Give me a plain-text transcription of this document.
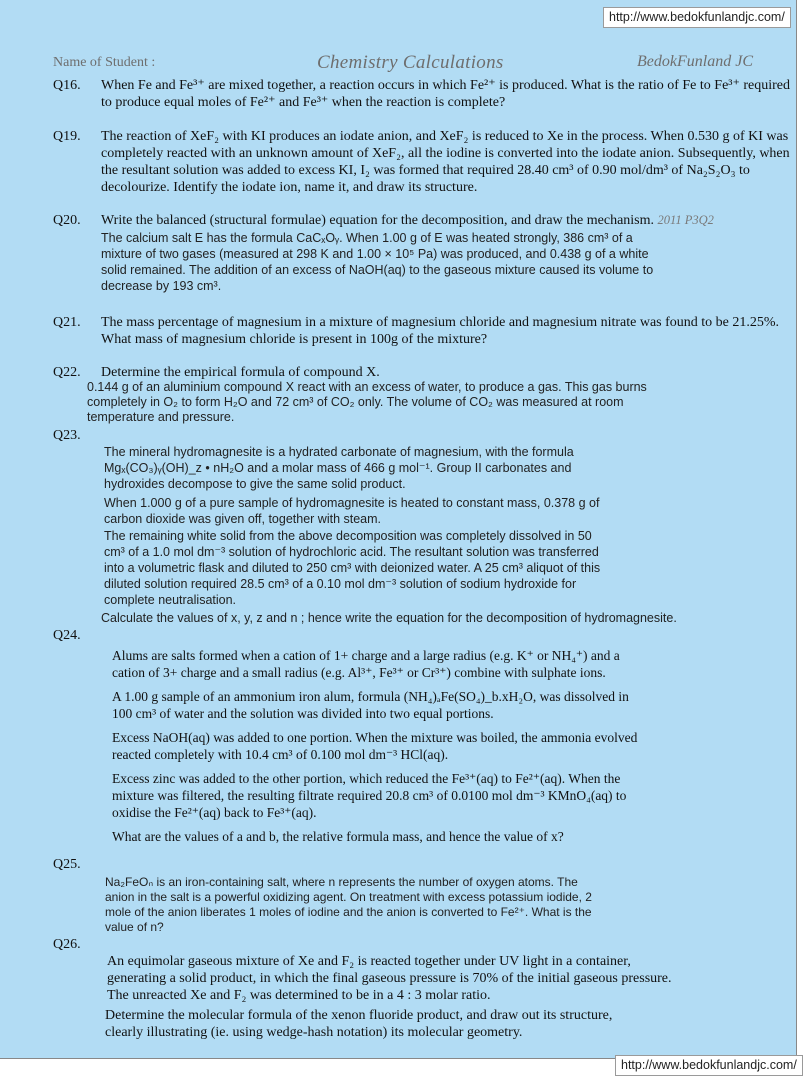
Name of Student :	Chemistry Calculations	BedokFunland JC
Q16. When Fe and Fe³⁺ are mixed together, a reaction occurs in which Fe²⁺ is produced. What is the ratio of Fe to Fe³⁺ required to produce equal moles of Fe²⁺ and Fe³⁺ when the reaction is complete?
Q19. The reaction of XeF₂ with KI produces an iodate anion, and XeF₂ is reduced to Xe in the process. When 0.530 g of KI was completely reacted with an unknown amount of XeF₂, all the iodine is converted into the iodate anion. Subsequently, when the resultant solution was added to excess KI, I₂ was formed that required 28.40 cm³ of 0.90 mol/dm³ of Na₂S₂O₃ to decolourize. Identify the iodate ion, name it, and draw its structure.
Q20. Write the balanced (structural formulae) equation for the decomposition, and draw the mechanism. 2011 P3Q2
The calcium salt E has the formula CaCₓOᵧ. When 1.00 g of E was heated strongly, 386 cm³ of a mixture of two gases (measured at 298 K and 1.00 × 10⁵ Pa) was produced, and 0.438 g of a white solid remained. The addition of an excess of NaOH(aq) to the gaseous mixture caused its volume to decrease by 193 cm³.
Q21. The mass percentage of magnesium in a mixture of magnesium chloride and magnesium nitrate was found to be 21.25%. What mass of magnesium chloride is present in 100g of the mixture?
Q22. Determine the empirical formula of compound X.
0.144 g of an aluminium compound X react with an excess of water, to produce a gas. This gas burns completely in O₂ to form H₂O and 72 cm³ of CO₂ only. The volume of CO₂ was measured at room temperature and pressure.
Q23.

The mineral hydromagnesite is a hydrated carbonate of magnesium, with the formula Mgₓ(CO₃)ᵧ(OH)_z • nH₂O and a molar mass of 466 g mol⁻¹. Group II carbonates and hydroxides decompose to give the same solid product.

When 1.000 g of a pure sample of hydromagnesite is heated to constant mass, 0.378 g of carbon dioxide was given off, together with steam.

The remaining white solid from the above decomposition was completely dissolved in 50 cm³ of a 1.0 mol dm⁻³ solution of hydrochloric acid. The resultant solution was transferred into a volumetric flask and diluted to 250 cm³ with deionized water. A 25 cm³ aliquot of this diluted solution required 28.5 cm³ of a 0.10 mol dm⁻³ solution of sodium hydroxide for complete neutralisation.

Calculate the values of x, y, z and n ; hence write the equation for the decomposition of hydromagnesite.
Q24.

Alums are salts formed when a cation of 1+ charge and a large radius (e.g. K⁺ or NH₄⁺) and a cation of 3+ charge and a small radius (e.g. Al³⁺, Fe³⁺ or Cr³⁺) combine with sulphate ions.

A 1.00 g sample of an ammonium iron alum, formula (NH₄)ₐFe(SO₄)_b.xH₂O, was dissolved in 100 cm³ of water and the solution was divided into two equal portions.

Excess NaOH(aq) was added to one portion. When the mixture was boiled, the ammonia evolved reacted completely with 10.4 cm³ of 0.100 mol dm⁻³ HCl(aq).

Excess zinc was added to the other portion, which reduced the Fe³⁺(aq) to Fe²⁺(aq). When the mixture was filtered, the resulting filtrate required 20.8 cm³ of 0.0100 mol dm⁻³ KMnO₄(aq) to oxidise the Fe²⁺(aq) back to Fe³⁺(aq).

What are the values of a and b, the relative formula mass, and hence the value of x?

Q25.
Na₂FeOₙ is an iron-containing salt, where n represents the number of oxygen atoms. The anion in the salt is a powerful oxidizing agent. On treatment with excess potassium iodide, 2 mole of the anion liberates 1 moles of iodine and the anion is converted to Fe²⁺. What is the value of n?
Q26.
An equimolar gaseous mixture of Xe and F₂ is reacted together under UV light in a container, generating a solid product, in which the final gaseous pressure is 70% of the initial gaseous pressure. The unreacted Xe and F₂ was determined to be in a 4 : 3 molar ratio.
Determine the molecular formula of the xenon fluoride product, and draw out its structure, clearly illustrating (ie. using wedge-hash notation) its molecular geometry.
http://www.bedokfunlandjc.com/
http://www.bedokfunlandjc.com/
